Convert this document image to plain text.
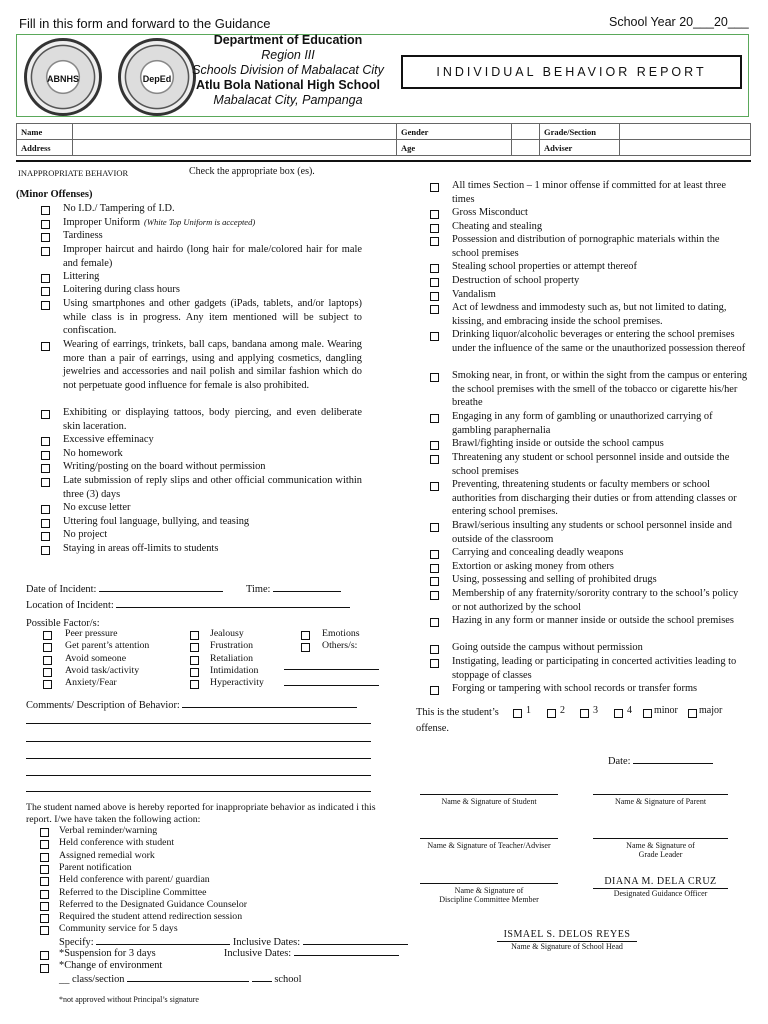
Fill in this form and forward to the Guidance	School Year 20___20___
ABNHS	DepEd
Department of Education
Region III
Schools Division of Mabalacat City
Atlu Bola National High School
Mabalacat City, Pampanga
INDIVIDUAL BEHAVIOR REPORT
Name		Gender		Grade/Section	
Address		Age		Adviser	
INAPPROPRIATE BEHAVIOR	Check the appropriate box (es).
(Minor Offenses)
No I.D./ Tampering of I.D.
Improper Uniform (White Top Uniform is accepted)
Tardiness
Improper haircut and hairdo (long hair for male/colored hair for male and female)
Littering
Loitering during class hours
Using smartphones and other gadgets (iPads, tablets, and/or laptops) while class is in progress. Any item mentioned will be subject to confiscation.
Wearing of earrings, trinkets, ball caps, bandana among male. Wearing more than a pair of earrings, using and applying cosmetics, dangling jewelries and accessories and nail polish and similar fashion which do not perpetuate good influence for female is also prohibited.
Exhibiting or displaying tattoos, body piercing, and even deliberate skin laceration.
Excessive effeminacy
No homework
Writing/posting on the board without permission
Late submission of reply slips and other official communication within three (3) days
No excuse letter
Uttering foul language, bullying, and teasing
No project
Staying in areas off-limits to students
All times Section – 1 minor offense if committed for at least three times
Gross Misconduct
Cheating and stealing
Possession and distribution of pornographic materials within the school premises
Stealing school properties or attempt thereof
Destruction of school property
Vandalism
Act of lewdness and immodesty such as, but not limited to dating, kissing, and embracing inside the school premises.
Drinking liquor/alcoholic beverages or entering the school premises under the influence of the same or the unauthorized possession thereof
Smoking near, in front, or within the sight from the campus or entering the school premises with the smell of the tobacco or cigarette his/her breathe
Engaging in any form of gambling or unauthorized carrying of gambling paraphernalia
Brawl/fighting inside or outside the school campus
Threatening any student or school personnel inside and outside the school premises
Preventing, threatening students or faculty members or school authorities from discharging their duties or from attending classes or entering school premises.
Brawl/serious insulting any students or school personnel inside and outside of the classroom
Carrying and concealing deadly weapons
Extortion or asking money from others
Using, possessing and selling of prohibited drugs
Membership of any fraternity/sorority contrary to the school’s policy or not authorized by the school
Hazing in any form or manner inside or outside the school premises
Going outside the campus without permission
Instigating, leading or participating in concerted activities leading to stoppage of classes
Forging or tampering with school records or transfer forms
Date of Incident:	Time:
Location of Incident:
Possible Factor/s:
Peer pressure
Get parent’s attention
Avoid someone
Avoid task/activity
Anxiety/Fear
Jealousy
Frustration
Retaliation
Intimidation
Hyperactivity
Emotions
Others/s:
Comments/ Description of Behavior:
The student named above is hereby reported for inappropriate behavior as indicated i this report. I/we have taken the following action:
Verbal reminder/warning
Held conference with student
Assigned remedial work
Parent notification
Held conference with parent/ guardian
Referred to the Discipline Committee
Referred to the Designated Guidance Counselor
Required the student attend redirection session
Community service for 5 days
Specify:	Inclusive Dates:
*Suspension for 3 days	Inclusive Dates:
*Change of environment
__ class/section	school
*not approved without Principal’s signature
This is the student’s	1	2	3	4 minor major
offense.
Date:
Name & Signature of Student	Name & Signature of Parent
Name & Signature of Teacher/Adviser	Name & Signature of
Grade Leader
Name & Signature of
Discipline Committee Member
DIANA M. DELA CRUZ
Designated Guidance Officer
ISMAEL S. DELOS REYES
Name & Signature of School Head
